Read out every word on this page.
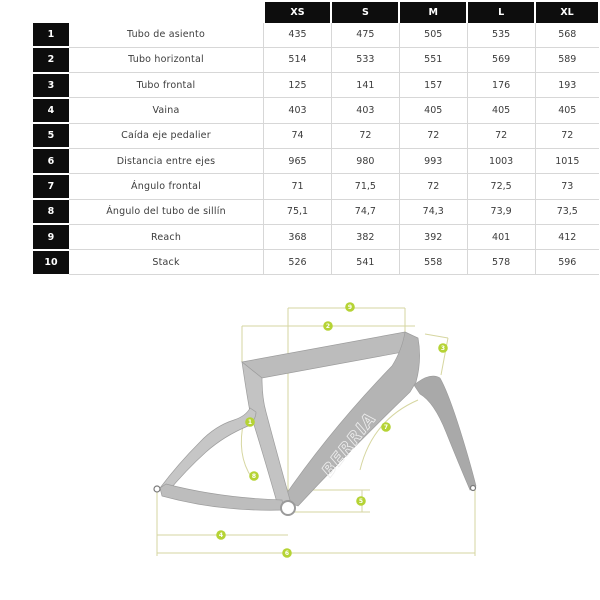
		XS	S	M	L	XL
1	Tubo de asiento	435	475	505	535	568
2	Tubo horizontal	514	533	551	569	589
3	Tubo frontal	125	141	157	176	193
4	Vaina	403	403	405	405	405
5	Caída eje pedalier	74	72	72	72	72
6	Distancia entre ejes	965	980	993	1003	1015
7	Ángulo frontal	71	71,5	72	72,5	73
8	Ángulo del tubo de sillín	75,1	74,7	74,3	73,9	73,5
9	Reach	368	382	392	401	412
10	Stack	526	541	558	578	596
BERRIA
1
2
3
4
5
6
7
8
9
